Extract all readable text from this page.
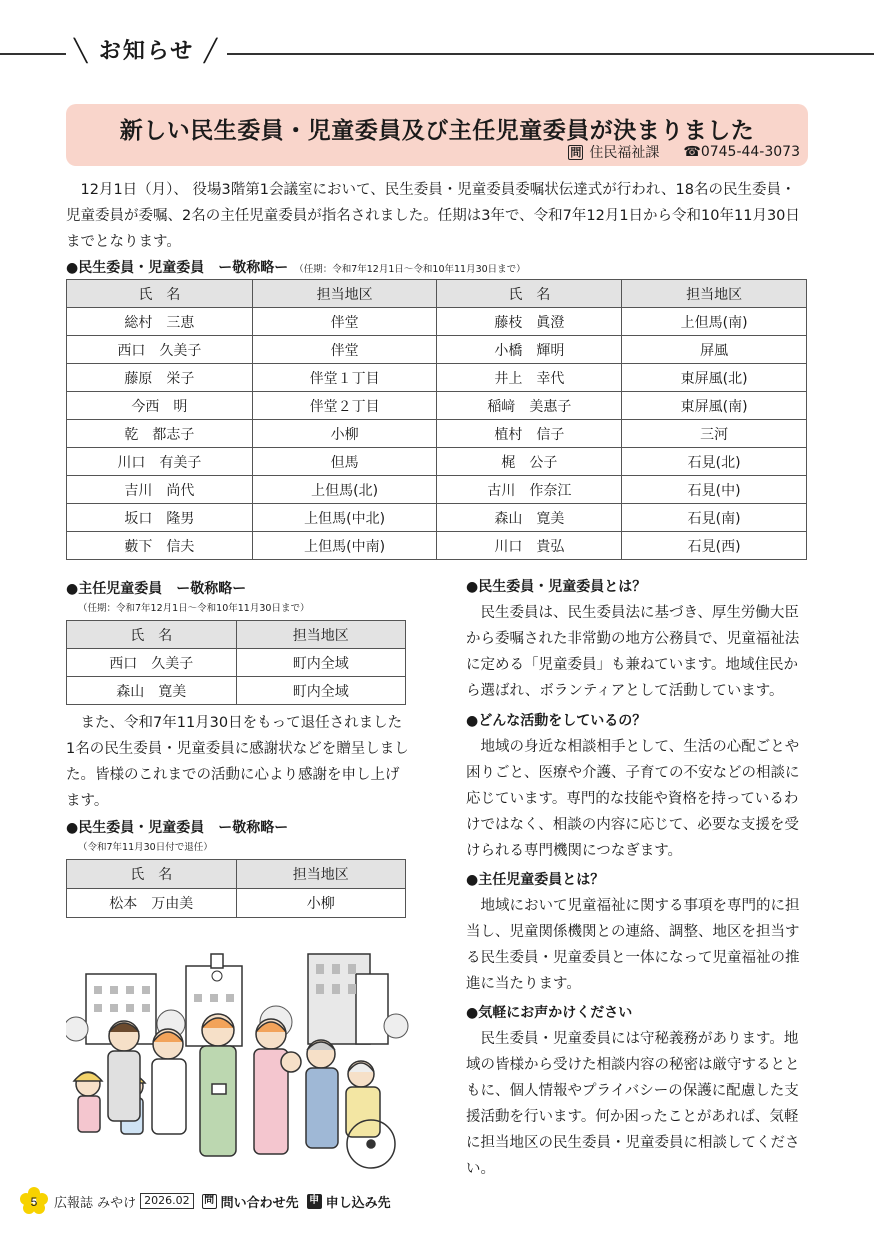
╲ お知らせ ╱
新しい民生委員・児童委員及び主任児童委員が決まりました
問 住民福祉課 ☎0745-44-3073

12月1日（月）、 役場3階第1会議室において、民生委員・児童委員委嘱状伝達式が行われ、18名の民生委員・児童委員が委嘱、2名の主任児童委員が指名されました。任期は3年で、令和7年12月1日から令和10年11月30日までとなります。

●民生委員・児童委員　ー敬称略ー （任期：令和7年12月1日〜令和10年11月30日まで）
氏　名	担当地区	氏　名	担当地区
総村　三恵	伴堂	藤枝　眞澄	上但馬(南)
西口　久美子	伴堂	小橋　輝明	屏風
藤原　栄子	伴堂１丁目	井上　幸代	東屏風(北)
今西　明	伴堂２丁目	稲﨑　美惠子	東屏風(南)
乾　都志子	小柳	植村　信子	三河
川口　有美子	但馬	梶　公子	石見(北)
吉川　尚代	上但馬(北)	古川　作奈江	石見(中)
坂口　隆男	上但馬(中北)	森山　寛美	石見(南)
藪下　信夫	上但馬(中南)	川口　貴弘	石見(西)
●主任児童委員　ー敬称略ー
（任期：令和7年12月1日〜令和10年11月30日まで）
氏　名	担当地区
西口　久美子	町内全域
森山　寛美	町内全域

また、令和7年11月30日をもって退任されました1名の民生委員・児童委員に感謝状などを贈呈しました。皆様のこれまでの活動に心より感謝を申し上げます。

●民生委員・児童委員　ー敬称略ー
（令和7年11月30日付で退任）
氏　名	担当地区
松本　万由美	小柳
●民生委員・児童委員とは？

民生委員は、民生委員法に基づき、厚生労働大臣から委嘱された非常勤の地方公務員で、児童福祉法に定める「児童委員」も兼ねています。地域住民から選ばれ、ボランティアとして活動しています。

●どんな活動をしているの？

地域の身近な相談相手として、生活の心配ごとや困りごと、医療や介護、子育ての不安などの相談に応じています。専門的な技能や資格を持っているわけではなく、相談の内容に応じて、必要な支援を受けられる専門機関につなぎます。

●主任児童委員とは？

地域において児童福祉に関する事項を専門的に担当し、児童関係機関との連絡、調整、地区を担当する民生委員・児童委員と一体になって児童福祉の推進に当たります。

●気軽にお声かけください

民生委員・児童委員には守秘義務があります。地域の皆様から受けた相談内容の秘密は厳守するとともに、個人情報やプライバシーの保護に配慮した支援活動を行います。何か困ったことがあれば、気軽に担当地区の民生委員・児童委員に相談してください。

5 広報誌 みやけ 2026.02	問 問い合わせ先 申 申し込み先
